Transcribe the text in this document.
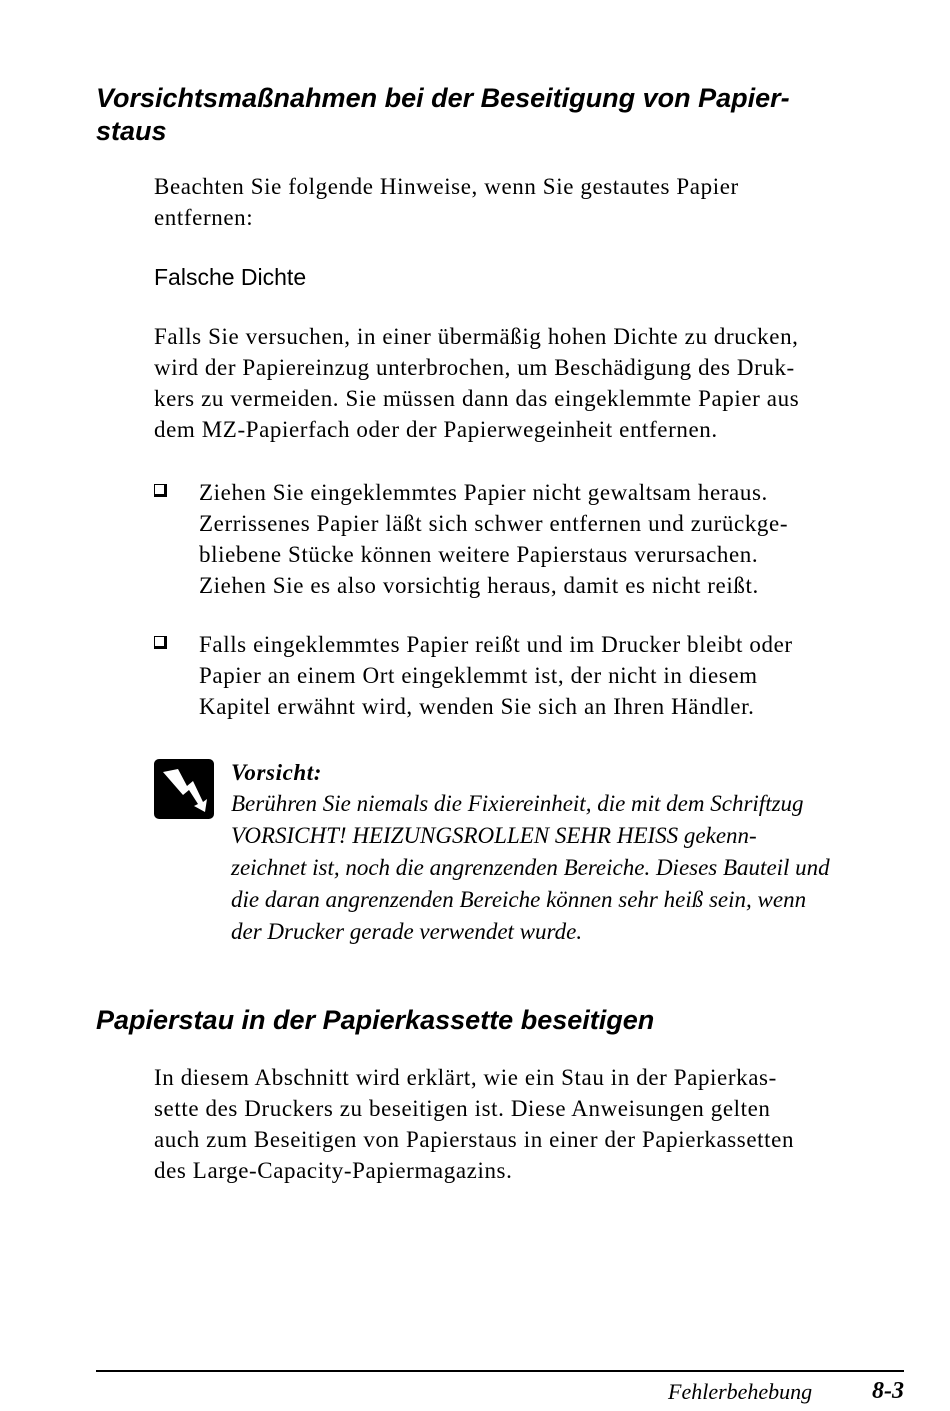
Vorsichtsmaßnahmen bei der Beseitigung von Papier-
staus

Beachten Sie folgende Hinweise, wenn Sie gestautes Papier
entfernen:

Falsche Dichte

Falls Sie versuchen, in einer übermäßig hohen Dichte zu drucken,
wird der Papiereinzug unterbrochen, um Beschädigung des Druk-
kers zu vermeiden. Sie müssen dann das eingeklemmte Papier aus
dem MZ-Papierfach oder der Papierwegeinheit entfernen.

Ziehen Sie eingeklemmtes Papier nicht gewaltsam heraus.
Zerrissenes Papier läßt sich schwer entfernen und zurückge-
bliebene Stücke können weitere Papierstaus verursachen.
Ziehen Sie es also vorsichtig heraus, damit es nicht reißt.
Falls eingeklemmtes Papier reißt und im Drucker bleibt oder
Papier an einem Ort eingeklemmt ist, der nicht in diesem
Kapitel erwähnt wird, wenden Sie sich an Ihren Händler.

Vorsicht:

Berühren Sie niemals die Fixiereinheit, die mit dem Schriftzug
VORSICHT! HEIZUNGSROLLEN SEHR HEISS gekenn-
zeichnet ist, noch die angrenzenden Bereiche. Dieses Bauteil und
die daran angrenzenden Bereiche können sehr heiß sein, wenn
der Drucker gerade verwendet wurde.

Papierstau in der Papierkassette beseitigen

In diesem Abschnitt wird erklärt, wie ein Stau in der Papierkas-
sette des Druckers zu beseitigen ist. Diese Anweisungen gelten
auch zum Beseitigen von Papierstaus in einer der Papierkassetten
des Large-Capacity-Papiermagazins.

Fehlerbehebung 8-3
